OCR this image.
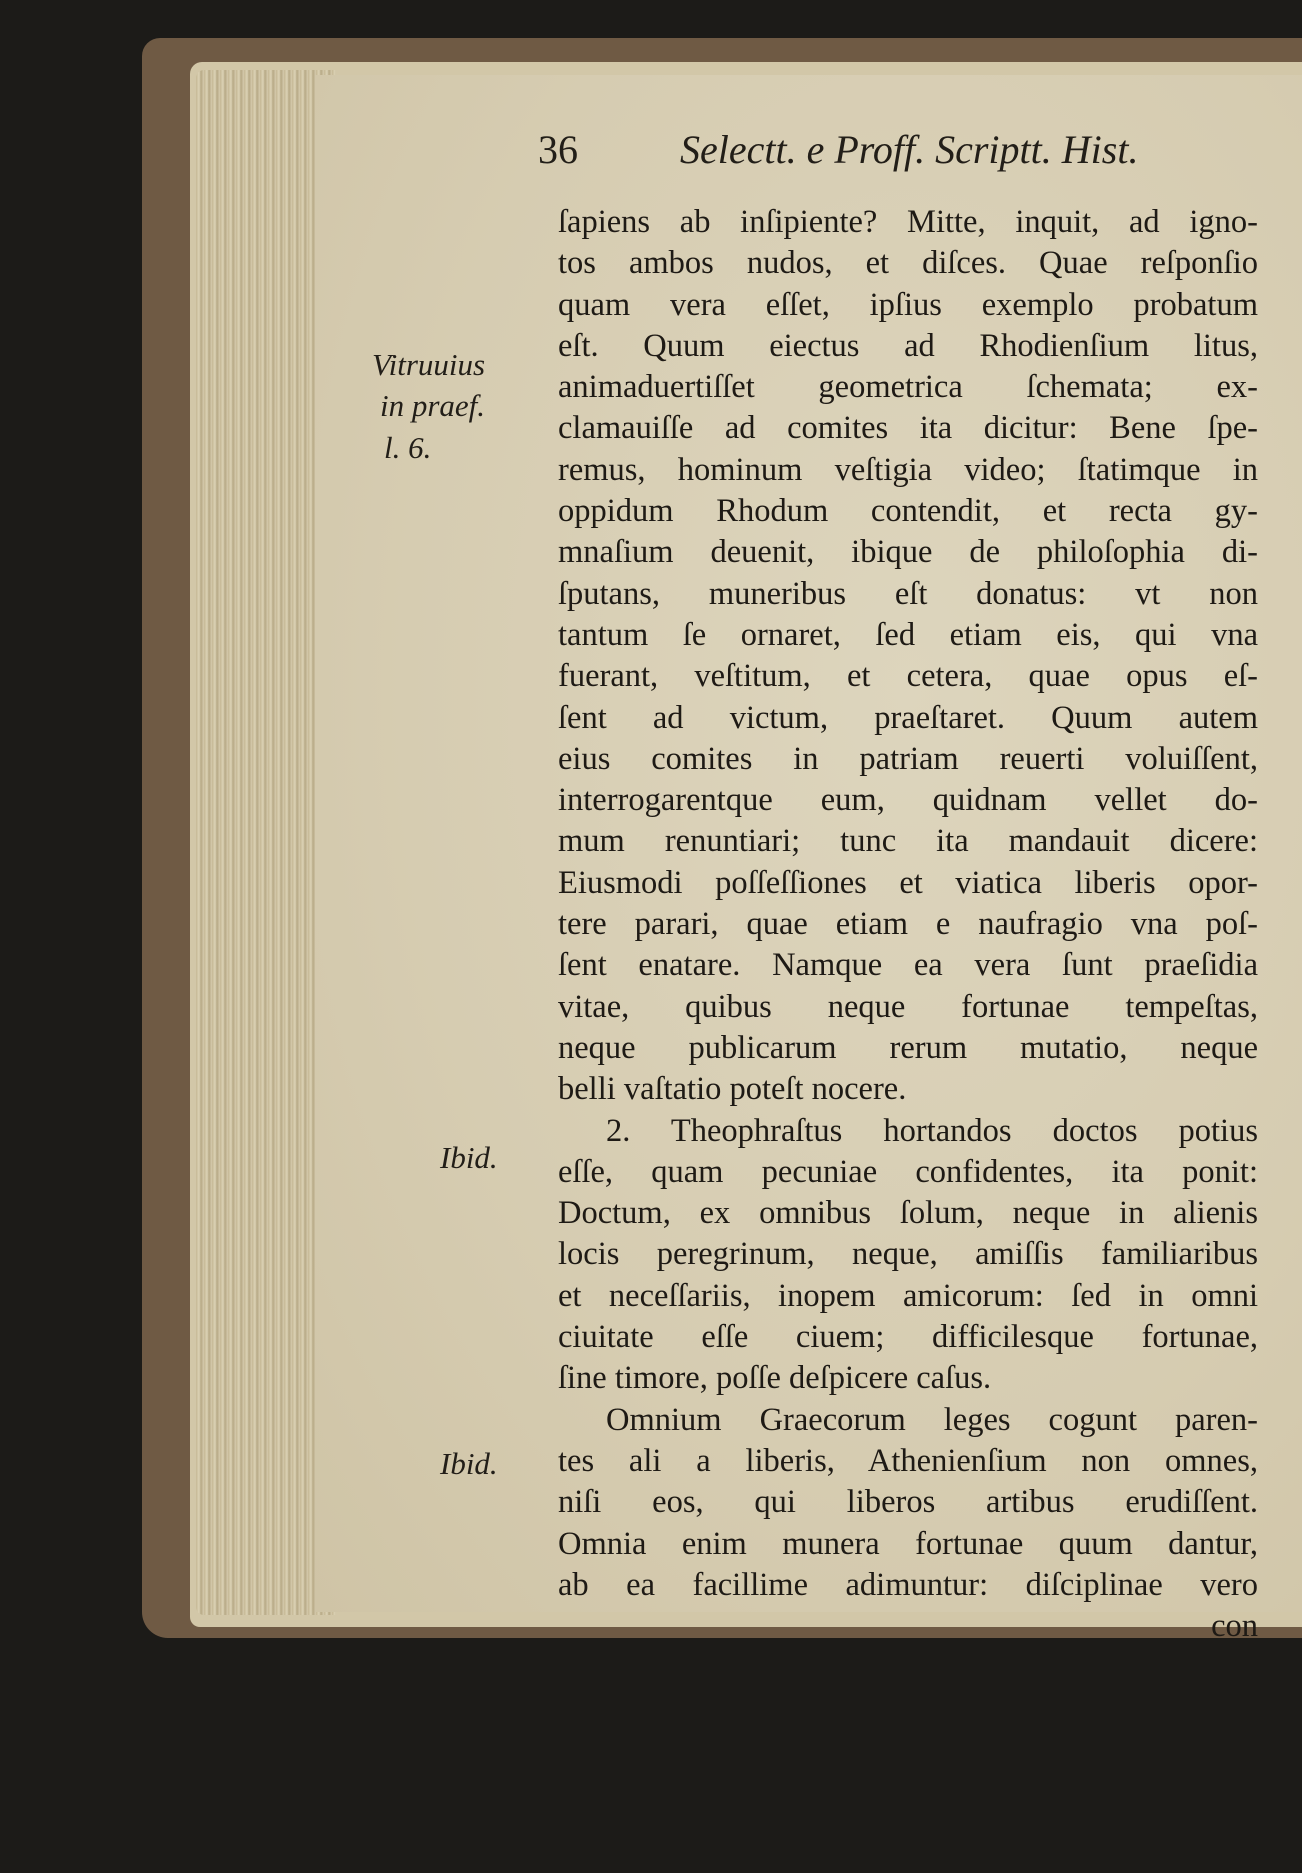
36	Selectt. e Proff. Scriptt. Hist.
Vitruuius
in praef.
l. 6.
Ibid.
Ibid.
ſapiens ab inſipiente? Mitte, inquit, ad igno-
tos ambos nudos, et diſces. Quae reſponſio
quam vera eſſet, ipſius exemplo probatum
eſt. Quum eiectus ad Rhodienſium litus,
animaduertiſſet geometrica ſchemata; ex-
clamauiſſe ad comites ita dicitur: Bene ſpe-
remus, hominum veſtigia video; ſtatimque in
oppidum Rhodum contendit, et recta gy-
mnaſium deuenit, ibique de philoſophia di-
ſputans, muneribus eſt donatus: vt non
tantum ſe ornaret, ſed etiam eis, qui vna
fuerant, veſtitum, et cetera, quae opus eſ-
ſent ad victum, praeſtaret. Quum autem
eius comites in patriam reuerti voluiſſent,
interrogarentque eum, quidnam vellet do-
mum renuntiari; tunc ita mandauit dicere:
Eiusmodi poſſeſſiones et viatica liberis opor-
tere parari, quae etiam e naufragio vna poſ-
ſent enatare. Namque ea vera ſunt praeſidia
vitae, quibus neque fortunae tempeſtas,
neque publicarum rerum mutatio, neque
belli vaſtatio poteſt nocere.
2. Theophraſtus hortandos doctos potius
eſſe, quam pecuniae confidentes, ita ponit:
Doctum, ex omnibus ſolum, neque in alienis
locis peregrinum, neque, amiſſis familiaribus
et neceſſariis, inopem amicorum: ſed in omni
ciuitate eſſe ciuem; difficilesque fortunae,
ſine timore, poſſe deſpicere caſus.
Omnium Graecorum leges cogunt paren-
tes ali a liberis, Athenienſium non omnes,
niſi eos, qui liberos artibus erudiſſent.
Omnia enim munera fortunae quum dantur,
ab ea facillime adimuntur: diſciplinae vero
con
